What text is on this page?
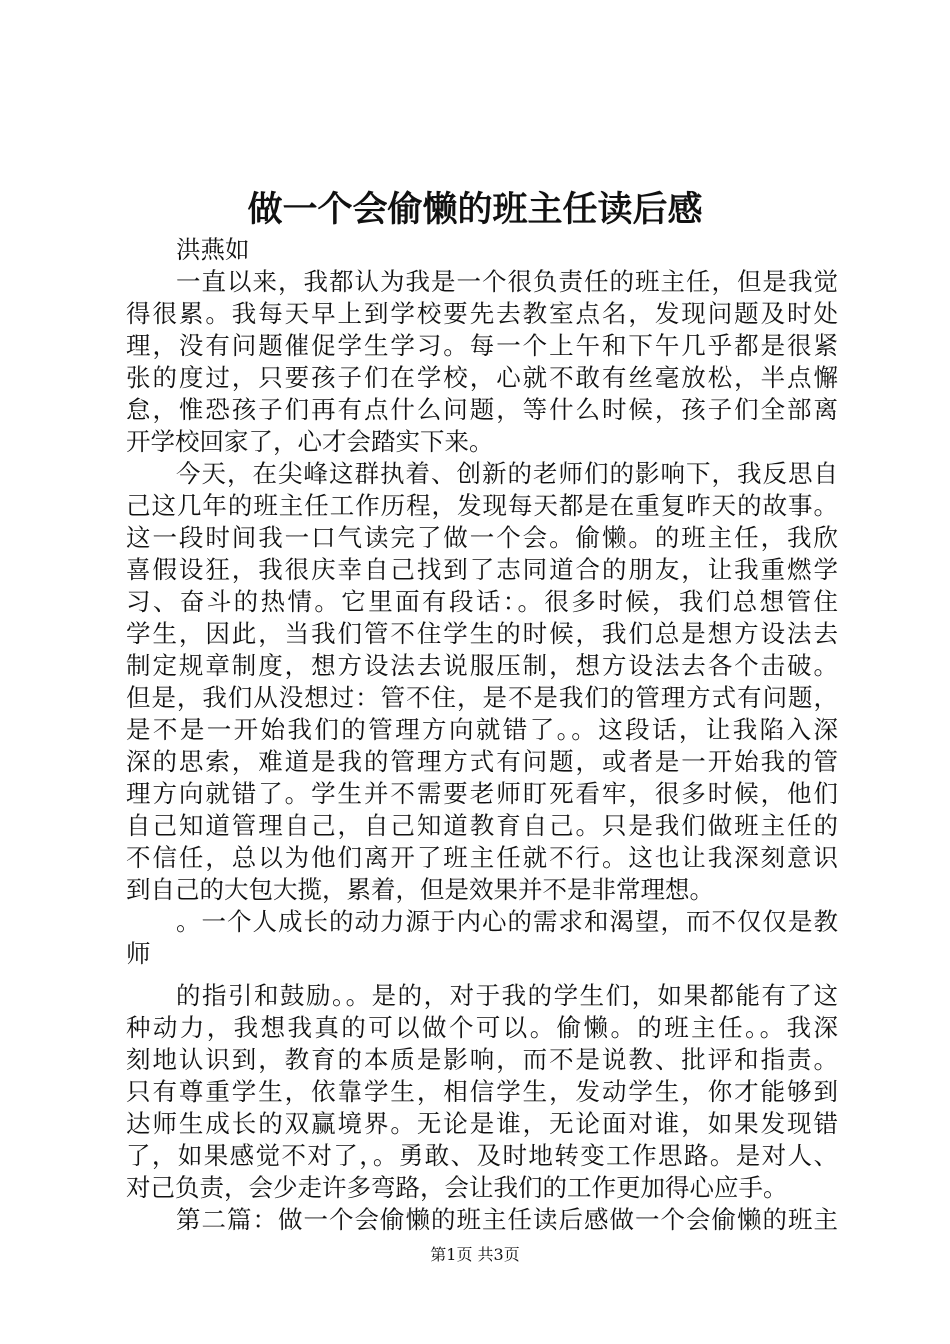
做一个会偷懒的班主任读后感
洪燕如
一直以来，我都认为我是一个很负责任的班主任，但是我觉
得很累。我每天早上到学校要先去教室点名，发现问题及时处
理，没有问题催促学生学习。每一个上午和下午几乎都是很紧
张的度过，只要孩子们在学校，心就不敢有丝毫放松，半点懈
怠，惟恐孩子们再有点什么问题，等什么时候，孩子们全部离
开学校回家了，心才会踏实下来。
今天，在尖峰这群执着、创新的老师们的影响下，我反思自
己这几年的班主任工作历程，发现每天都是在重复昨天的故事。
这一段时间我一口气读完了做一个会。偷懒。的班主任，我欣
喜假设狂，我很庆幸自己找到了志同道合的朋友，让我重燃学
习、奋斗的热情。它里面有段话：。很多时候，我们总想管住
学生，因此，当我们管不住学生的时候，我们总是想方设法去
制定规章制度，想方设法去说服压制，想方设法去各个击破。
但是，我们从没想过：管不住，是不是我们的管理方式有问题，
是不是一开始我们的管理方向就错了。。这段话，让我陷入深
深的思索，难道是我的管理方式有问题，或者是一开始我的管
理方向就错了。学生并不需要老师盯死看牢，很多时候，他们
自己知道管理自己，自己知道教育自己。只是我们做班主任的
不信任，总以为他们离开了班主任就不行。这也让我深刻意识
到自己的大包大揽，累着，但是效果并不是非常理想。
。一个人成长的动力源于内心的需求和渴望，而不仅仅是教
师
的指引和鼓励。。是的，对于我的学生们，如果都能有了这
种动力，我想我真的可以做个可以。偷懒。的班主任。。我深
刻地认识到，教育的本质是影响，而不是说教、批评和指责。
只有尊重学生，依靠学生，相信学生，发动学生，你才能够到
达师生成长的双赢境界。无论是谁，无论面对谁，如果发现错
了，如果感觉不对了，。勇敢、及时地转变工作思路。是对人、
对己负责，会少走许多弯路，会让我们的工作更加得心应手。
第二篇：做一个会偷懒的班主任读后感做一个会偷懒的班主
第1页 共3页
